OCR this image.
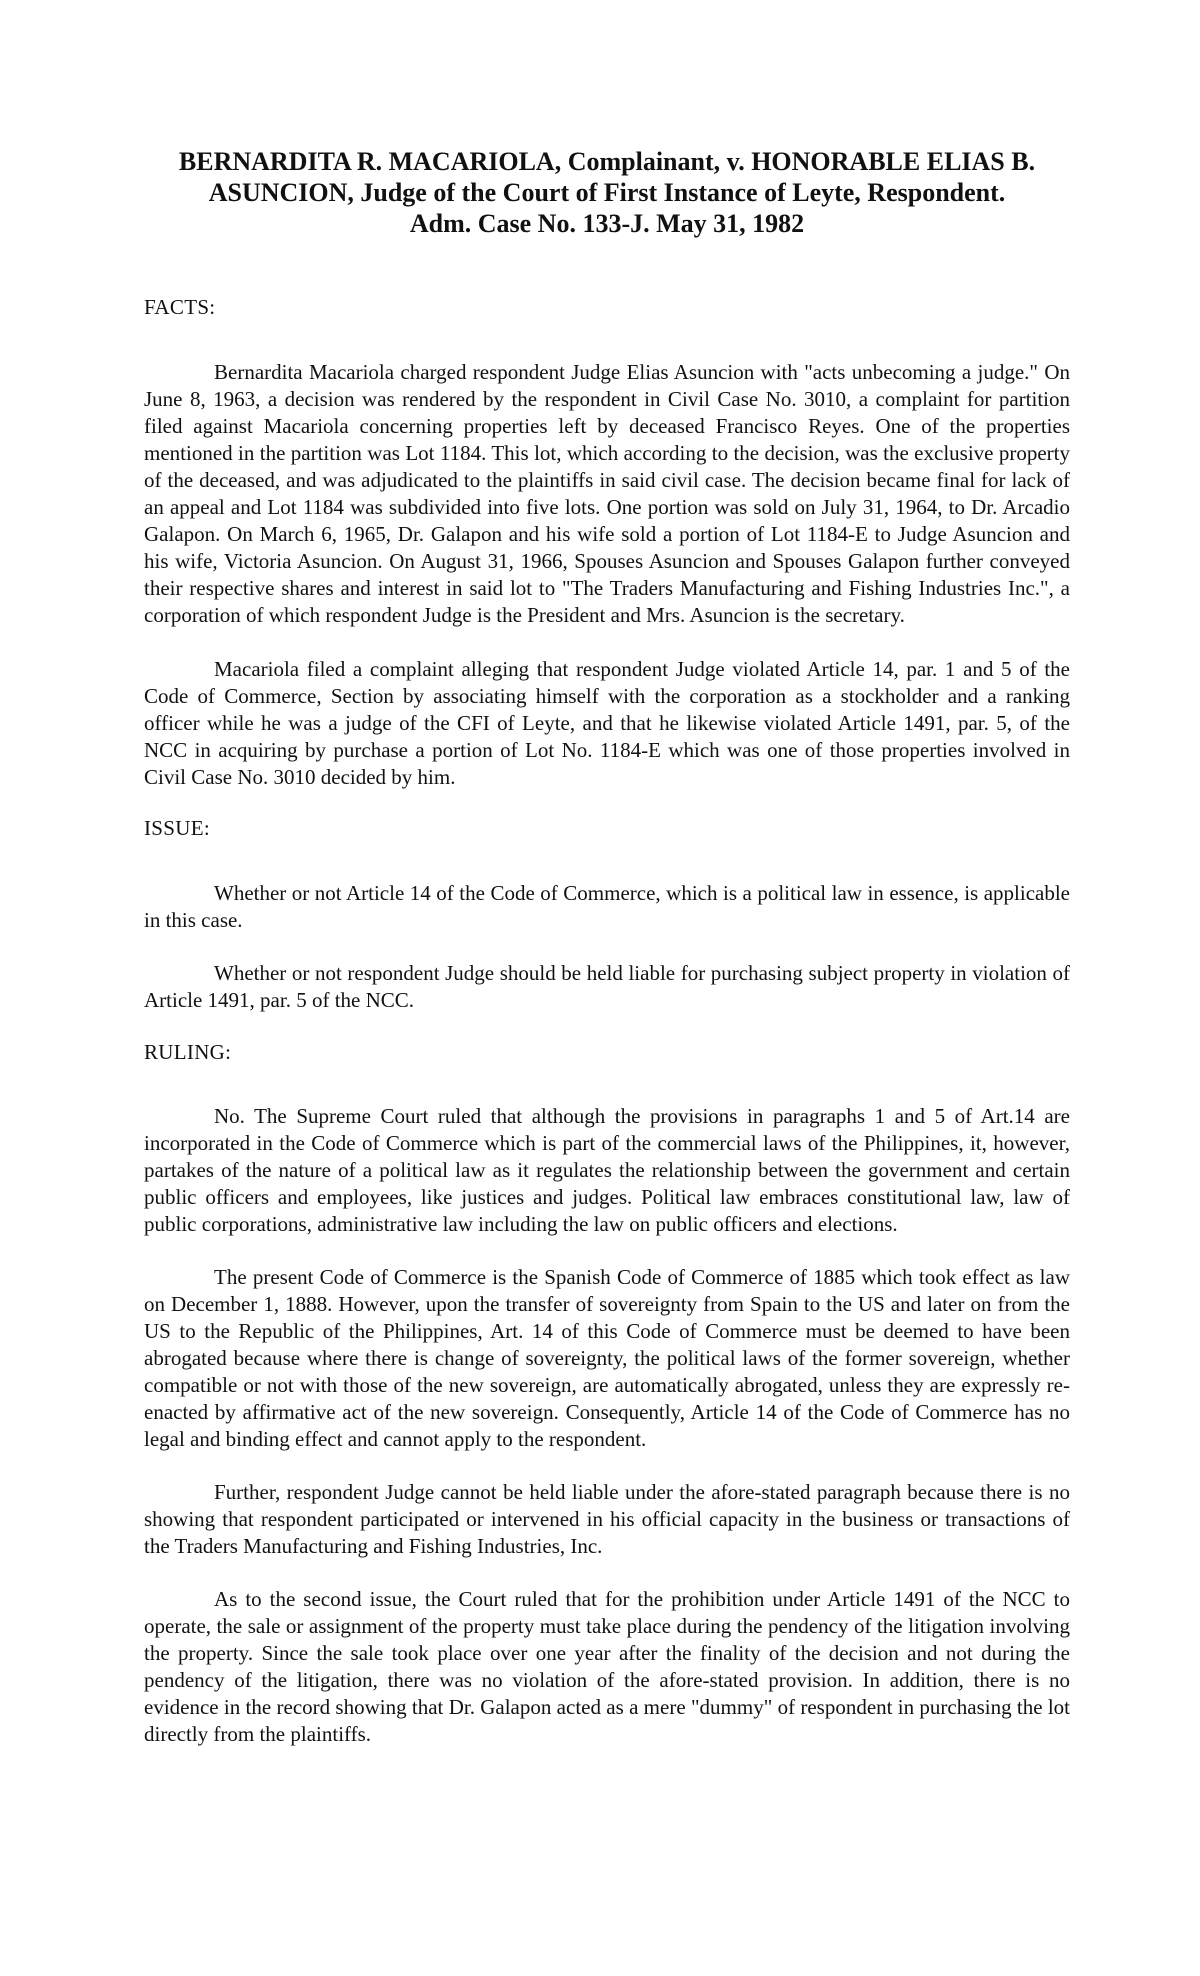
BERNARDITA R. MACARIOLA, Complainant, v. HONORABLE ELIAS B.
ASUNCION, Judge of the Court of First Instance of Leyte, Respondent.
Adm. Case No. 133-J. May 31, 1982

FACTS:

Bernardita Macariola charged respondent Judge Elias Asuncion with "acts unbecoming a judge." On June 8, 1963, a decision was rendered by the respondent in Civil Case No. 3010, a complaint for partition filed against Macariola concerning properties left by deceased Francisco Reyes. One of the properties mentioned in the partition was Lot 1184. This lot, which according to the decision, was the exclusive property of the deceased, and was adjudicated to the plaintiffs in said civil case. The decision became final for lack of an appeal and Lot 1184 was subdivided into five lots. One portion was sold on July 31, 1964, to Dr. Arcadio Galapon. On March 6, 1965, Dr. Galapon and his wife sold a portion of Lot 1184-E to Judge Asuncion and his wife, Victoria Asuncion. On August 31, 1966, Spouses Asuncion and Spouses Galapon further conveyed their respective shares and interest in said lot to "The Traders Manufacturing and Fishing Industries Inc.", a corporation of which respondent Judge is the President and Mrs. Asuncion is the secretary.

Macariola filed a complaint alleging that respondent Judge violated Article 14, par. 1 and 5 of the Code of Commerce, Section by associating himself with the corporation as a stockholder and a ranking officer while he was a judge of the CFI of Leyte, and that he likewise violated Article 1491, par. 5, of the NCC in acquiring by purchase a portion of Lot No. 1184-E which was one of those properties involved in Civil Case No. 3010 decided by him.

ISSUE:

Whether or not Article 14 of the Code of Commerce, which is a political law in essence, is applicable in this case.

Whether or not respondent Judge should be held liable for purchasing subject property in violation of Article 1491, par. 5 of the NCC.

RULING:

No. The Supreme Court ruled that although the provisions in paragraphs 1 and 5 of Art.14 are incorporated in the Code of Commerce which is part of the commercial laws of the Philippines, it, however, partakes of the nature of a political law as it regulates the relationship between the government and certain public officers and employees, like justices and judges. Political law embraces constitutional law, law of public corporations, administrative law including the law on public officers and elections.

The present Code of Commerce is the Spanish Code of Commerce of 1885 which took effect as law on December 1, 1888. However, upon the transfer of sovereignty from Spain to the US and later on from the US to the Republic of the Philippines, Art. 14 of this Code of Commerce must be deemed to have been abrogated because where there is change of sovereignty, the political laws of the former sovereign, whether compatible or not with those of the new sovereign, are automatically abrogated, unless they are expressly re-enacted by affirmative act of the new sovereign. Consequently, Article 14 of the Code of Commerce has no legal and binding effect and cannot apply to the respondent.

Further, respondent Judge cannot be held liable under the afore-stated paragraph because there is no showing that respondent participated or intervened in his official capacity in the business or transactions of the Traders Manufacturing and Fishing Industries, Inc.

As to the second issue, the Court ruled that for the prohibition under Article 1491 of the NCC to operate, the sale or assignment of the property must take place during the pendency of the litigation involving the property. Since the sale took place over one year after the finality of the decision and not during the pendency of the litigation, there was no violation of the afore-stated provision. In addition, there is no evidence in the record showing that Dr. Galapon acted as a mere "dummy" of respondent in purchasing the lot directly from the plaintiffs.
